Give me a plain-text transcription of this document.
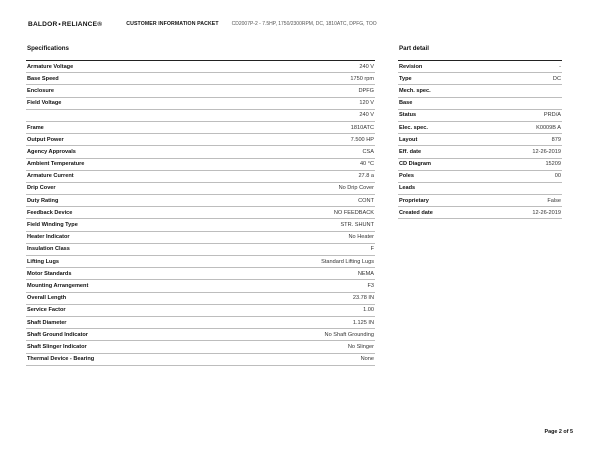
BALDOR•RELIANCE®	CUSTOMER INFORMATION PACKET	CD2007P-2 - 7.5HP, 1750/2300RPM, DC, 1810ATC, DPFG, TOO
Specifications	Part detail
Armature Voltage	240 V
Base Speed	1750 rpm
Enclosure	DPFG
Field Voltage	120 V
	240 V
Frame	1810ATC
Output Power	7.500 HP
Agency Approvals	CSA
Ambient Temperature	40 °C
Armature Current	27.8 a
Drip Cover	No Drip Cover
Duty Rating	CONT
Feedback Device	NO FEEDBACK
Field Winding Type	STR. SHUNT
Heater Indicator	No Heater
Insulation Class	F
Lifting Lugs	Standard Lifting Lugs
Motor Standards	NEMA
Mounting Arrangement	F3
Overall Length	23.78 IN
Service Factor	1.00
Shaft Diameter	1.125 IN
Shaft Ground Indicator	No Shaft Grounding
Shaft Slinger Indicator	No Slinger
Thermal Device - Bearing	None
Revision	-
Type	DC
Mech. spec.	
Base	
Status	PRD/A
Elec. spec.	K0009B A
Layout	879
Eff. date	12-26-2019
CD Diagram	15209
Poles	00
Leads	
Proprietary	False
Created date	12-26-2019
Page 2 of 5
